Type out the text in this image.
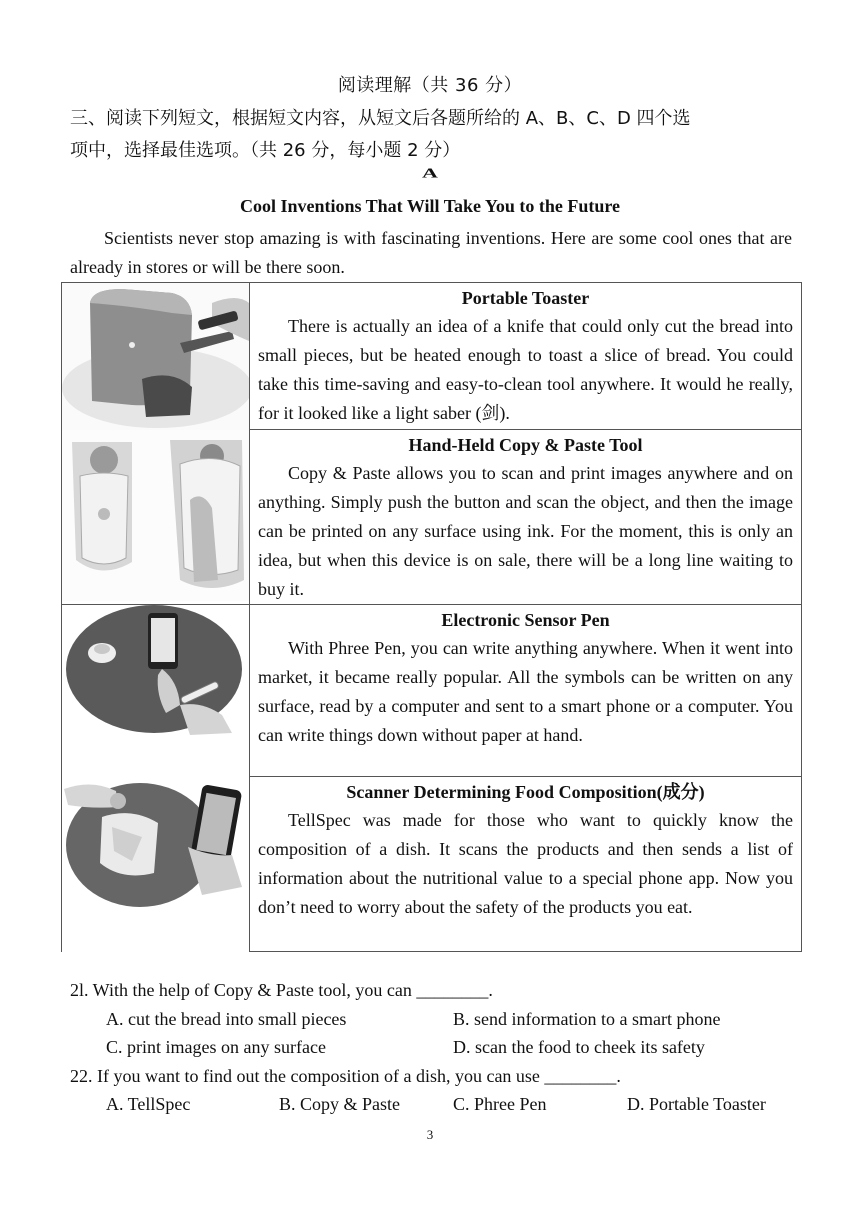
阅读理解（共 36 分）
三、阅读下列短文，根据短文内容，从短文后各题所给的 A、B、C、D 四个选
项中，选择最佳选项。（共 26 分，每小题 2 分）
A
Cool Inventions That Will Take You to the Future
Scientists never stop amazing is with fascinating inventions. Here are some cool ones that are already in stores or will be there soon.

Portable Toaster

There is actually an idea of a knife that could only cut the bread into small pieces, but be heated enough to toast a slice of bread. You could take this time-saving and easy-to-clean tool anywhere. It would he really, for it looked like a light saber (剑).

Hand-Held Copy & Paste Tool

Copy & Paste allows you to scan and print images anywhere and on anything. Simply push the button and scan the object, and then the image can be printed on any surface using ink. For the moment, this is only an idea, but when this device is on sale, there will be a long line waiting to buy it.

Electronic Sensor Pen

With Phree Pen, you can write anything anywhere. When it went into market, it became really popular. All the symbols can be written on any surface, read by a computer and sent to a smart phone or a computer. You can write things down without paper at hand.

Scanner Determining Food Composition(成分)

TellSpec was made for those who want to quickly know the composition of a dish. It scans the products and then sends a list of information about the nutritional value to a special phone app. Now you don’t need to worry about the safety of the products you eat.

2l. With the help of Copy & Paste tool, you can ________.
A. cut the bread into small pieces	B. send information to a smart phone
C. print images on any surface	D. scan the food to cheek its safety
22. If you want to find out the composition of a dish, you can use ________.
A. TellSpec	B. Copy & Paste	C. Phree Pen	D. Portable Toaster
3
